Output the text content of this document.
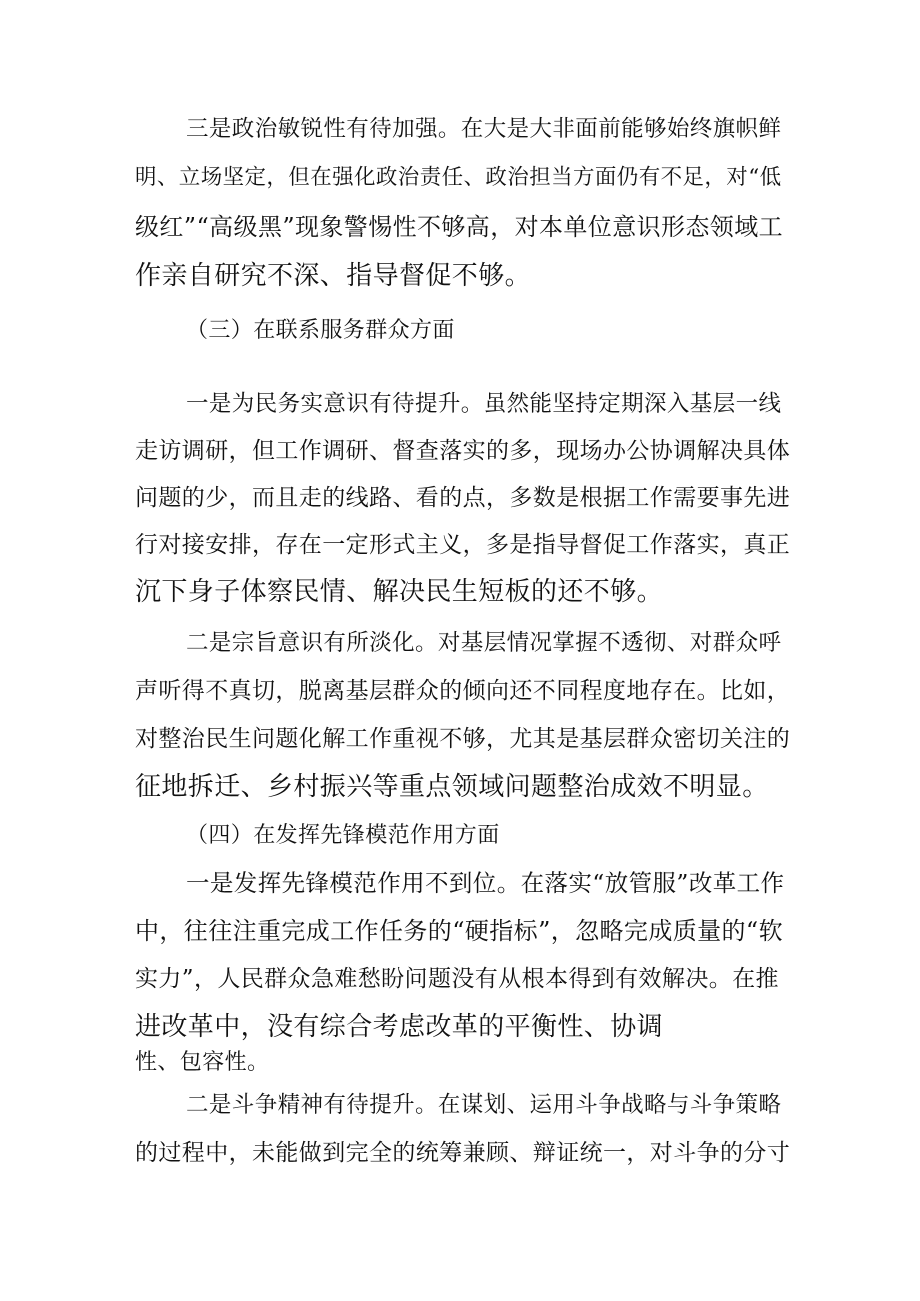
三是政治敏锐性有待加强。在大是大非面前能够始终旗帜鲜
明、立场坚定，但在强化政治责任、政治担当方面仍有不足，对“低
级红”“高级黑”现象警惕性不够高，对本单位意识形态领域工
作亲自研究不深、指导督促不够。
（三）在联系服务群众方面
一是为民务实意识有待提升。虽然能坚持定期深入基层一线
走访调研，但工作调研、督查落实的多，现场办公协调解决具体
问题的少，而且走的线路、看的点，多数是根据工作需要事先进
行对接安排，存在一定形式主义，多是指导督促工作落实，真正
沉下身子体察民情、解决民生短板的还不够。
二是宗旨意识有所淡化。对基层情况掌握不透彻、对群众呼
声听得不真切，脱离基层群众的倾向还不同程度地存在。比如，
对整治民生问题化解工作重视不够，尤其是基层群众密切关注的
征地拆迁、乡村振兴等重点领域问题整治成效不明显。
（四）在发挥先锋模范作用方面
一是发挥先锋模范作用不到位。在落实“放管服”改革工作
中，往往注重完成工作任务的“硬指标”，忽略完成质量的“软
实力”，人民群众急难愁盼问题没有从根本得到有效解决。在推
进改革中，没有综合考虑改革的平衡性、协调
性、包容性。
二是斗争精神有待提升。在谋划、运用斗争战略与斗争策略
的过程中，未能做到完全的统筹兼顾、辩证统一，对斗争的分寸
